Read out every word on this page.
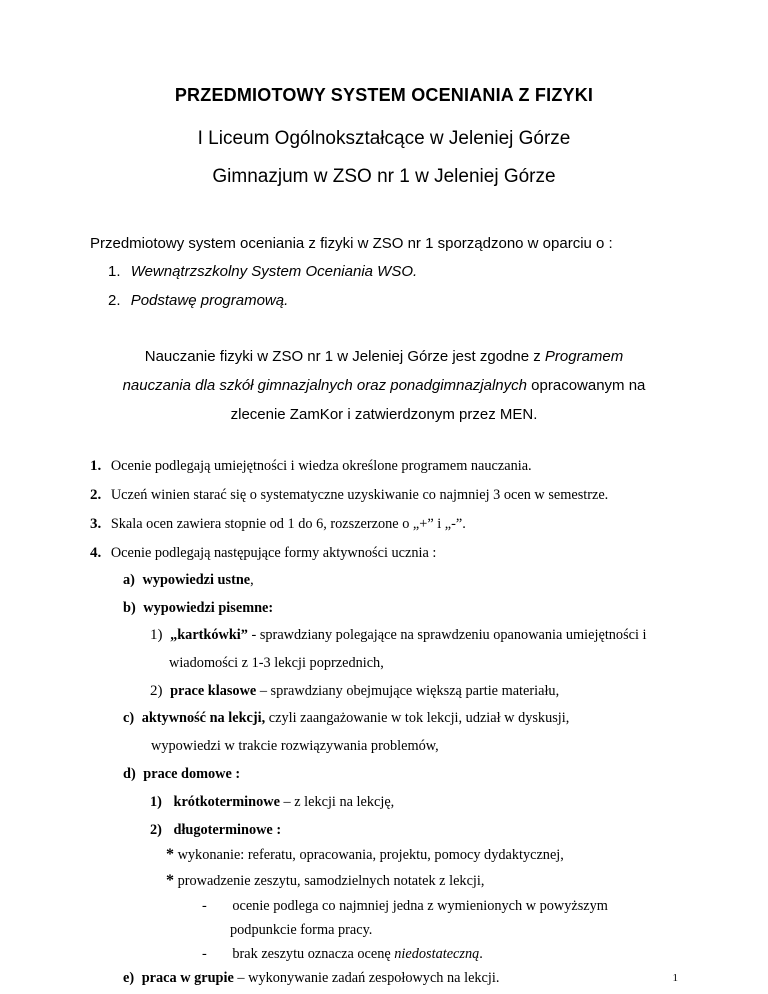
PRZEDMIOTOWY SYSTEM OCENIANIA Z FIZYKI
I Liceum Ogólnokształcące w Jeleniej Górze
Gimnazjum w ZSO nr 1 w Jeleniej Górze
Przedmiotowy system oceniania z fizyki w ZSO nr 1 sporządzono w oparciu o :
1. Wewnątrzszkolny System Oceniania WSO.
2. Podstawę programową.
Nauczanie fizyki w ZSO nr 1 w Jeleniej Górze jest zgodne z Programem
nauczania dla szkół gimnazjalnych oraz ponadgimnazjalnych opracowanym na
zlecenie ZamKor i zatwierdzonym przez MEN.
1. Ocenie podlegają umiejętności i wiedza określone programem nauczania.
2. Uczeń winien starać się o systematyczne uzyskiwanie co najmniej 3 ocen w semestrze.
3. Skala ocen zawiera stopnie od 1 do 6, rozszerzone o „+” i „-”.
4. Ocenie podlegają następujące formy aktywności ucznia :
a) wypowiedzi ustne,
b) wypowiedzi pisemne:
1) „kartkówki” - sprawdziany polegające na sprawdzeniu opanowania umiejętności i
wiadomości z 1-3 lekcji poprzednich,
2) prace klasowe – sprawdziany obejmujące większą partie materiału,
c) aktywność na lekcji, czyli zaangażowanie w tok lekcji, udział w dyskusji,
wypowiedzi w trakcie rozwiązywania problemów,
d) prace domowe :
1) krótkoterminowe – z lekcji na lekcję,
2) długoterminowe :
* wykonanie: referatu, opracowania, projektu, pomocy dydaktycznej,
* prowadzenie zeszytu, samodzielnych notatek z lekcji,
- ocenie podlega co najmniej jedna z wymienionych w powyższym
podpunkcie forma pracy.
- brak zeszytu oznacza ocenę niedostateczną.
e) praca w grupie – wykonywanie zadań zespołowych na lekcji.	1
